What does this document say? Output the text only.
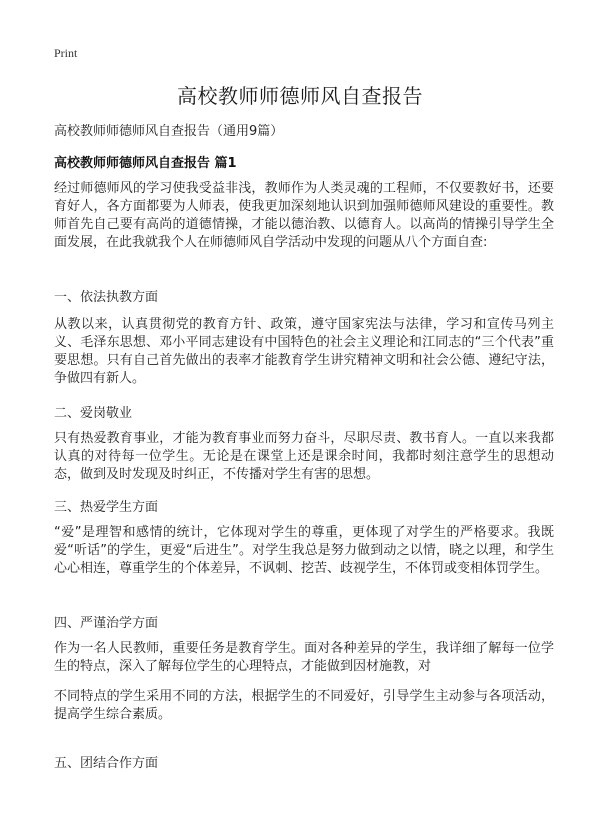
Print
高校教师师德师风自查报告
高校教师师德师风自查报告（通用9篇）
高校教师师德师风自查报告 篇1
经过师德师风的学习使我受益非浅，教师作为人类灵魂的工程师，不仅要教好书，还要育好人，各方面都要为人师表，使我更加深刻地认识到加强师德师风建设的重要性。教师首先自己要有高尚的道德情操，才能以德治教、以德育人。以高尚的情操引导学生全面发展，在此我就我个人在师德师风自学活动中发现的问题从八个方面自查:
一、依法执教方面
从教以来，认真贯彻党的教育方针、政策，遵守国家宪法与法律，学习和宣传马列主义、毛泽东思想、邓小平同志建设有中国特色的社会主义理论和江同志的“三个代表”重要思想。只有自己首先做出的表率才能教育学生讲究精神文明和社会公德、遵纪守法，争做四有新人。
二、爱岗敬业
只有热爱教育事业，才能为教育事业而努力奋斗，尽职尽责、教书育人。一直以来我都认真的对待每一位学生。无论是在课堂上还是课余时间，我都时刻注意学生的思想动态，做到及时发现及时纠正，不传播对学生有害的思想。
三、热爱学生方面
“爱”是理智和感情的统计，它体现对学生的尊重，更体现了对学生的严格要求。我既爱“听话”的学生，更爱“后进生”。对学生我总是努力做到动之以情，晓之以理，和学生心心相连，尊重学生的个体差异，不讽刺、挖苦、歧视学生，不体罚或变相体罚学生。
四、严谨治学方面
作为一名人民教师，重要任务是教育学生。面对各种差异的学生，我详细了解每一位学生的特点，深入了解每位学生的心理特点，才能做到因材施教，对
不同特点的学生采用不同的方法，根据学生的不同爱好，引导学生主动参与各项活动，提高学生综合素质。
五、团结合作方面
